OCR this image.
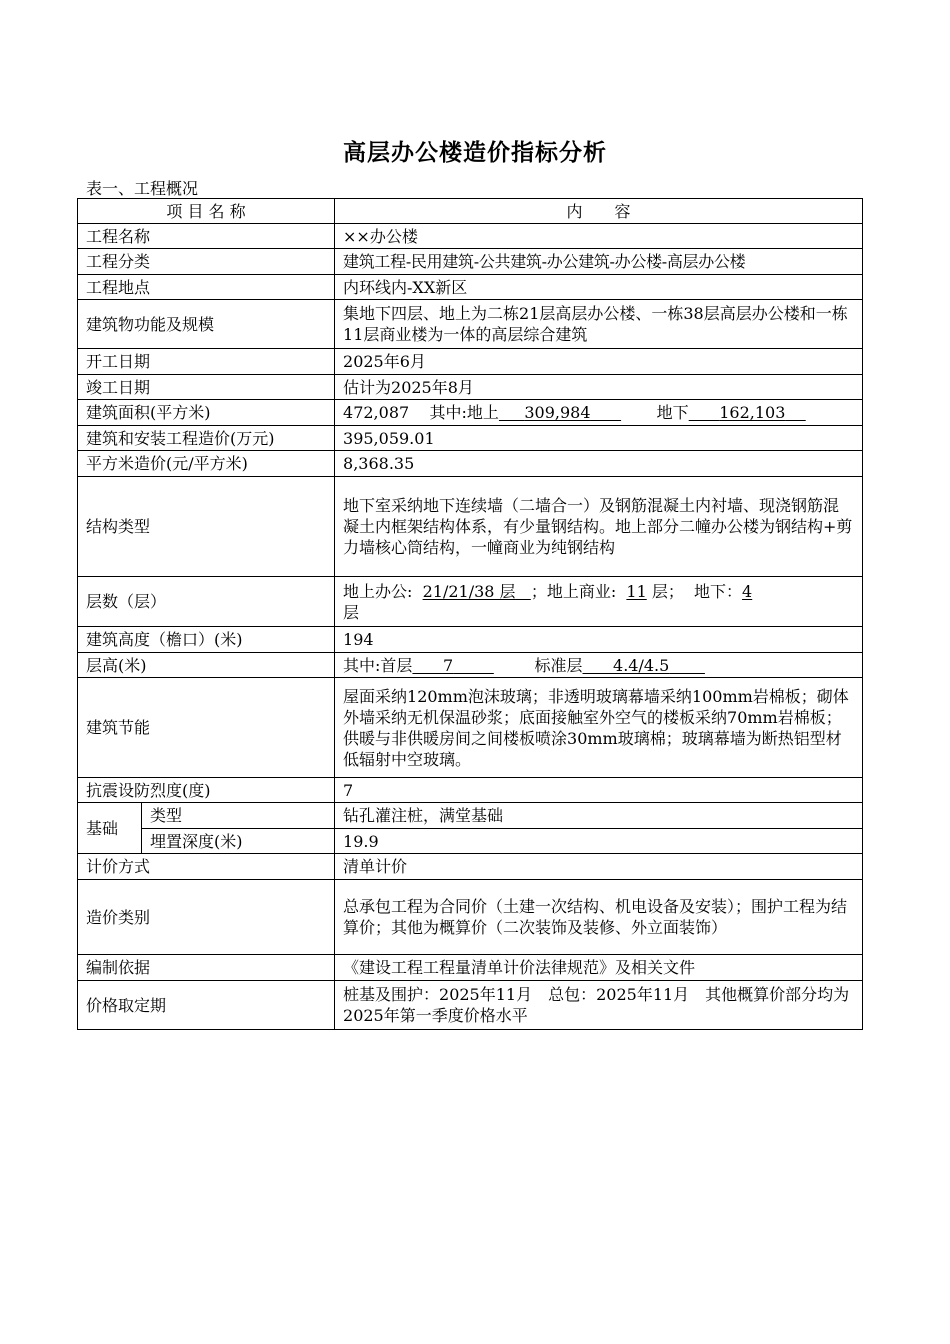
高层办公楼造价指标分析
表一、工程概况
项 目 名 称		内　　容
工程名称		××办公楼
工程分类		建筑工程-民用建筑-公共建筑-办公建筑-办公楼-高层办公楼
工程地点		内环线内-XX新区
建筑物功能及规模		集地下四层、地上为二栋21层高层办公楼、一栋38层高层办公楼和一栋11层商业楼为一体的高层综合建筑
开工日期		2025年6月
竣工日期		估计为2025年8月
建筑面积(平方米)		472,087 其中:地上 309,984 地下 162,103
建筑和安装工程造价(万元)		395,059.01
平方米造价(元/平方米)		8,368.35
结构类型		地下室采纳地下连续墙（二墙合一）及钢筋混凝土内衬墙、现浇钢筋混凝土内框架结构体系，有少量钢结构。地上部分二幢办公楼为钢结构+剪力墙核心筒结构，一幢商业为纯钢结构
层数（层）		地上办公: 21/21/38 层 ；地上商业: 11 层； 地下：4
层
建筑高度（檐口）(米)		194
层高(米)		其中:首层 7 标准层 4.4/4.5
建筑节能		屋面采纳120mm泡沫玻璃；非透明玻璃幕墙采纳100mm岩棉板；砌体外墙采纳无机保温砂浆；底面接触室外空气的楼板采纳70mm岩棉板；供暖与非供暖房间之间楼板喷涂30mm玻璃棉；玻璃幕墙为断热铝型材低辐射中空玻璃。
抗震设防烈度(度)		7
基础	类型	钻孔灌注桩，满堂基础
	埋置深度(米)	19.9
计价方式		清单计价
造价类别		总承包工程为合同价（土建一次结构、机电设备及安装）；围护工程为结算价；其他为概算价（二次装饰及装修、外立面装饰）
编制依据		《建设工程工程量清单计价法律规范》及相关文件
价格取定期		桩基及围护：2025年11月　总包：2025年11月　其他概算价部分均为2025年第一季度价格水平
